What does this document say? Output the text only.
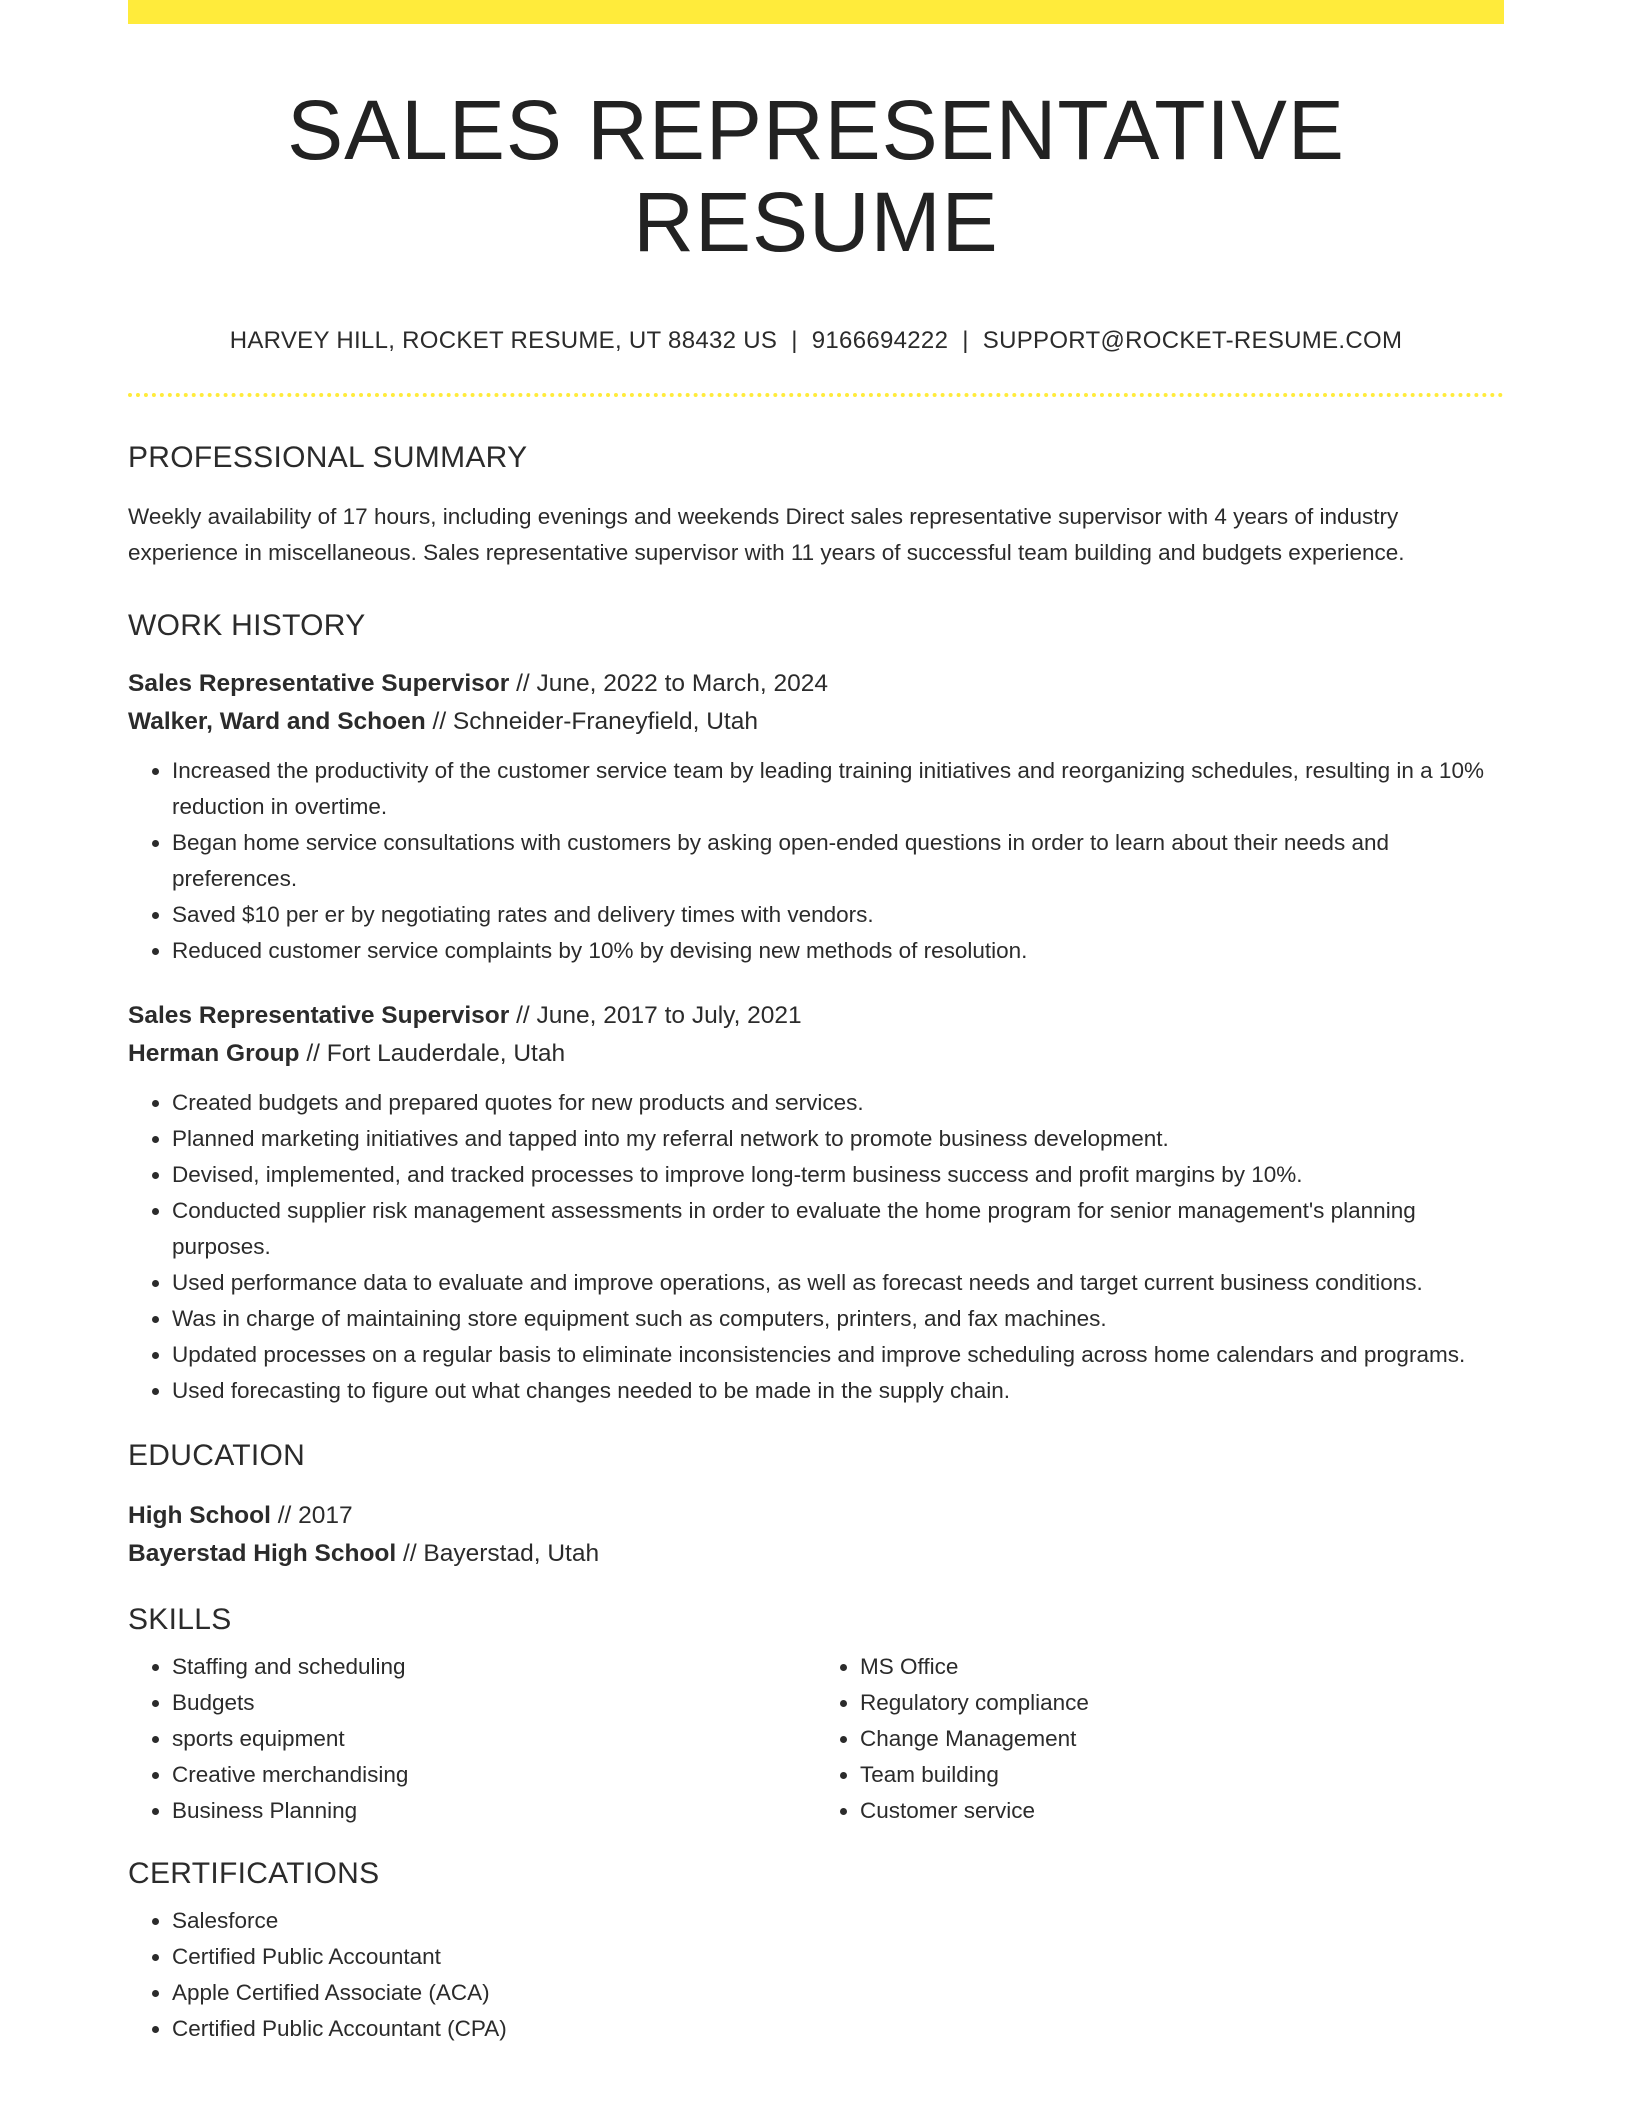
SALES REPRESENTATIVE RESUME
HARVEY HILL, ROCKET RESUME, UT 88432 US | 9166694222 | SUPPORT@ROCKET-RESUME.COM
PROFESSIONAL SUMMARY
Weekly availability of 17 hours, including evenings and weekends Direct sales representative supervisor with 4 years of industry experience in miscellaneous. Sales representative supervisor with 11 years of successful team building and budgets experience.
WORK HISTORY
Sales Representative Supervisor // June, 2022 to March, 2024
Walker, Ward and Schoen // Schneider-Franeyfield, Utah
• Increased the productivity of the customer service team by leading training initiatives and reorganizing schedules, resulting in a 10% reduction in overtime.
• Began home service consultations with customers by asking open-ended questions in order to learn about their needs and preferences.
• Saved $10 per er by negotiating rates and delivery times with vendors.
• Reduced customer service complaints by 10% by devising new methods of resolution.
Sales Representative Supervisor // June, 2017 to July, 2021
Herman Group // Fort Lauderdale, Utah
• Created budgets and prepared quotes for new products and services.
• Planned marketing initiatives and tapped into my referral network to promote business development.
• Devised, implemented, and tracked processes to improve long-term business success and profit margins by 10%.
• Conducted supplier risk management assessments in order to evaluate the home program for senior management's planning purposes.
• Used performance data to evaluate and improve operations, as well as forecast needs and target current business conditions.
• Was in charge of maintaining store equipment such as computers, printers, and fax machines.
• Updated processes on a regular basis to eliminate inconsistencies and improve scheduling across home calendars and programs.
• Used forecasting to figure out what changes needed to be made in the supply chain.
EDUCATION
High School // 2017
Bayerstad High School // Bayerstad, Utah
SKILLS
• Staffing and scheduling
• Budgets
• sports equipment
• Creative merchandising
• Business Planning
• MS Office
• Regulatory compliance
• Change Management
• Team building
• Customer service
CERTIFICATIONS
• Salesforce
• Certified Public Accountant
• Apple Certified Associate (ACA)
• Certified Public Accountant (CPA)
